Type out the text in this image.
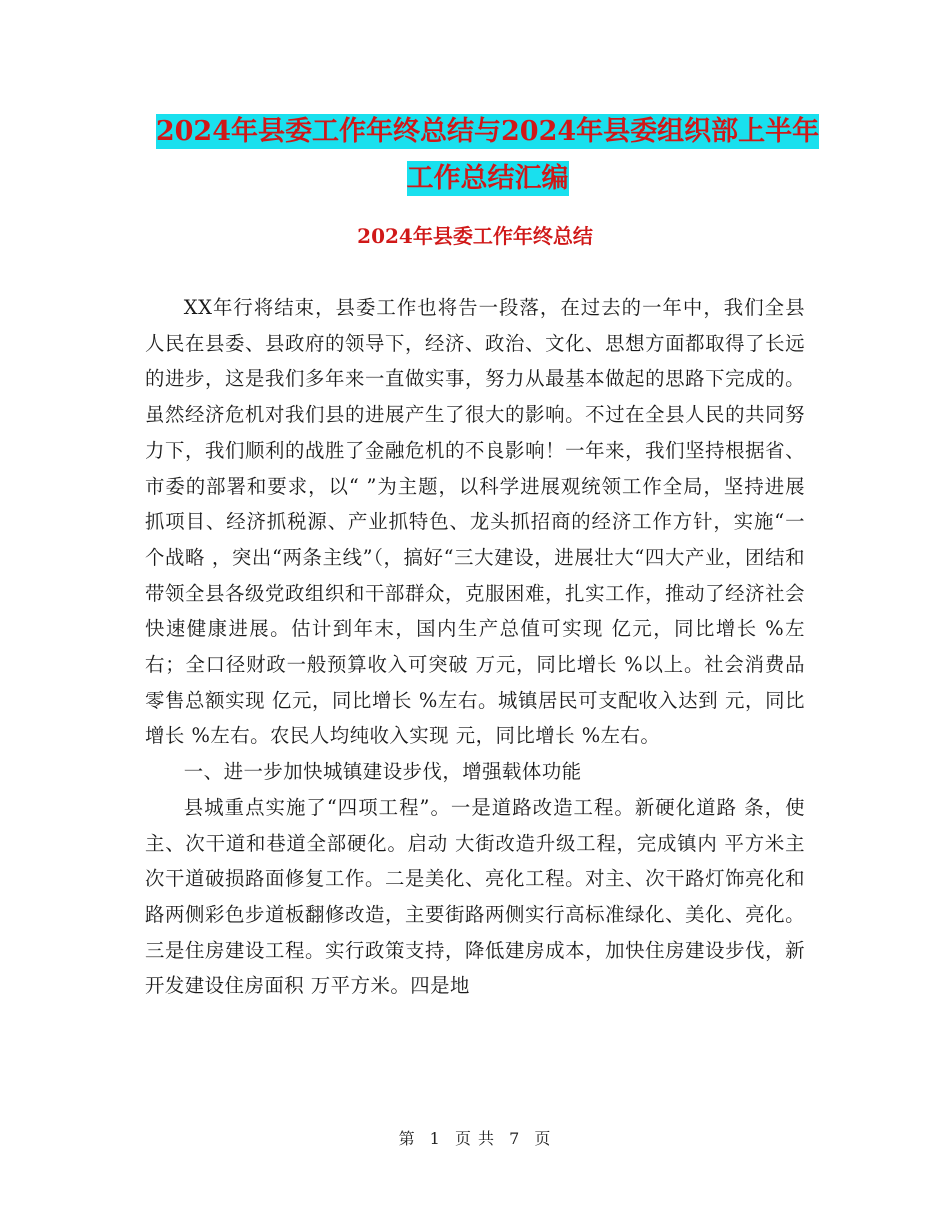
2024年县委工作年终总结与2024年县委组织部上半年
工作总结汇编
2024年县委工作年终总结

XX年行将结束，县委工作也将告一段落，在过去的一年中，我们全县人民在县委、县政府的领导下，经济、政治、文化、思想方面都取得了长远的进步，这是我们多年来一直做实事，努力从最基本做起的思路下完成的。虽然经济危机对我们县的进展产生了很大的影响。不过在全县人民的共同努力下，我们顺利的战胜了金融危机的不良影响！一年来，我们坚持根据省、市委的部署和要求，以“ ”为主题，以科学进展观统领工作全局，坚持进展抓项目、经济抓税源、产业抓特色、龙头抓招商的经济工作方针，实施“一个战略 ，突出“两条主线”（，搞好“三大建设，进展壮大“四大产业，团结和带领全县各级党政组织和干部群众，克服困难，扎实工作，推动了经济社会快速健康进展。估计到年末，国内生产总值可实现 亿元，同比增长 %左右；全口径财政一般预算收入可突破 万元，同比增长 %以上。社会消费品零售总额实现 亿元，同比增长 %左右。城镇居民可支配收入达到 元，同比增长 %左右。农民人均纯收入实现 元，同比增长 %左右。

一、进一步加快城镇建设步伐，增强载体功能

县城重点实施了“四项工程”。一是道路改造工程。新硬化道路 条，使主、次干道和巷道全部硬化。启动 大街改造升级工程，完成镇内 平方米主次干道破损路面修复工作。二是美化、亮化工程。对主、次干路灯饰亮化和路两侧彩色步道板翻修改造，主要街路两侧实行高标准绿化、美化、亮化。三是住房建设工程。实行政策支持，降低建房成本，加快住房建设步伐，新开发建设住房面积 万平方米。四是地

第 1 页 共 7 页
